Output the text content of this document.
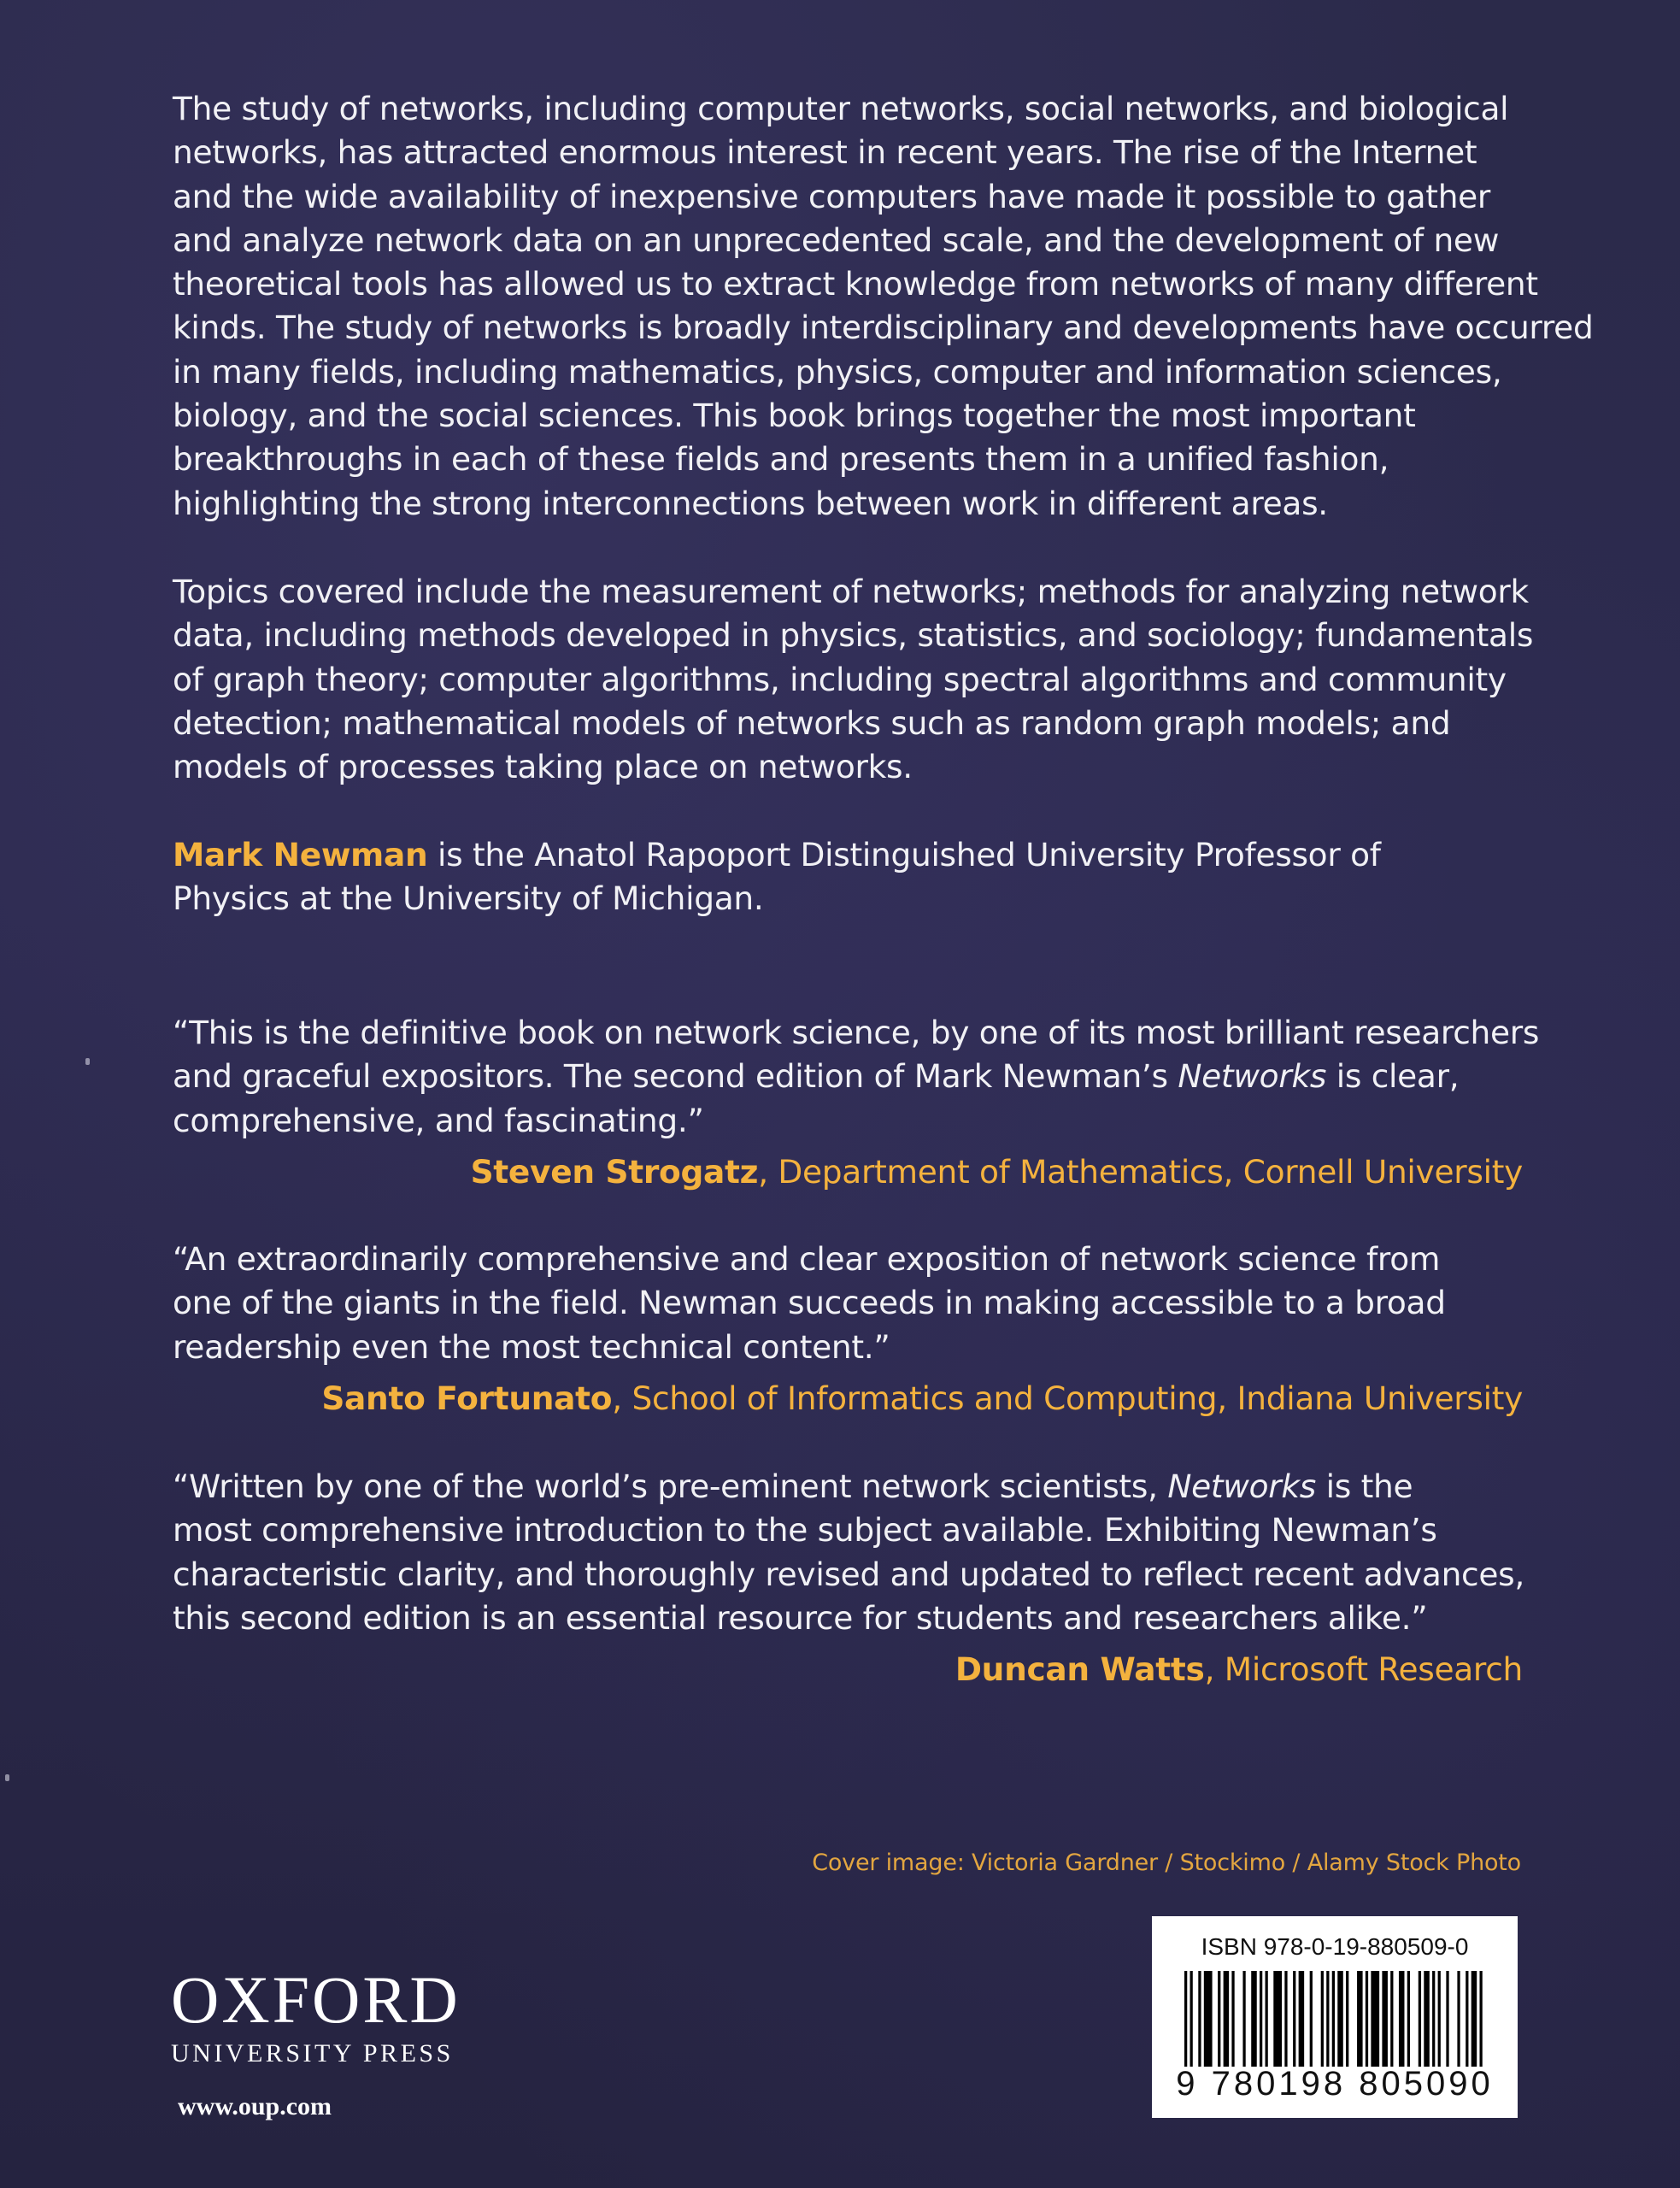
The study of networks, including computer networks, social networks, and biological
networks, has attracted enormous interest in recent years. The rise of the Internet
and the wide availability of inexpensive computers have made it possible to gather
and analyze network data on an unprecedented scale, and the development of new
theoretical tools has allowed us to extract knowledge from networks of many different
kinds. The study of networks is broadly interdisciplinary and developments have occurred
in many fields, including mathematics, physics, computer and information sciences,
biology, and the social sciences. This book brings together the most important
breakthroughs in each of these fields and presents them in a unified fashion,
highlighting the strong interconnections between work in different areas.
Topics covered include the measurement of networks; methods for analyzing network
data, including methods developed in physics, statistics, and sociology; fundamentals
of graph theory; computer algorithms, including spectral algorithms and community
detection; mathematical models of networks such as random graph models; and
models of processes taking place on networks.
Mark Newman is the Anatol Rapoport Distinguished University Professor of
Physics at the University of Michigan.
“This is the definitive book on network science, by one of its most brilliant researchers
and graceful expositors. The second edition of Mark Newman’s Networks is clear,
comprehensive, and fascinating.”
Steven Strogatz, Department of Mathematics, Cornell University
“An extraordinarily comprehensive and clear exposition of network science from
one of the giants in the field. Newman succeeds in making accessible to a broad
readership even the most technical content.”
Santo Fortunato, School of Informatics and Computing, Indiana University
“Written by one of the world’s pre-eminent network scientists, Networks is the
most comprehensive introduction to the subject available. Exhibiting Newman’s
characteristic clarity, and thoroughly revised and updated to reflect recent advances,
this second edition is an essential resource for students and researchers alike.”
Duncan Watts, Microsoft Research
Cover image: Victoria Gardner / Stockimo / Alamy Stock Photo
ISBN 978-0-19-880509-0
9 780198 805090
OXFORD
UNIVERSITY PRESS
www.oup.com
